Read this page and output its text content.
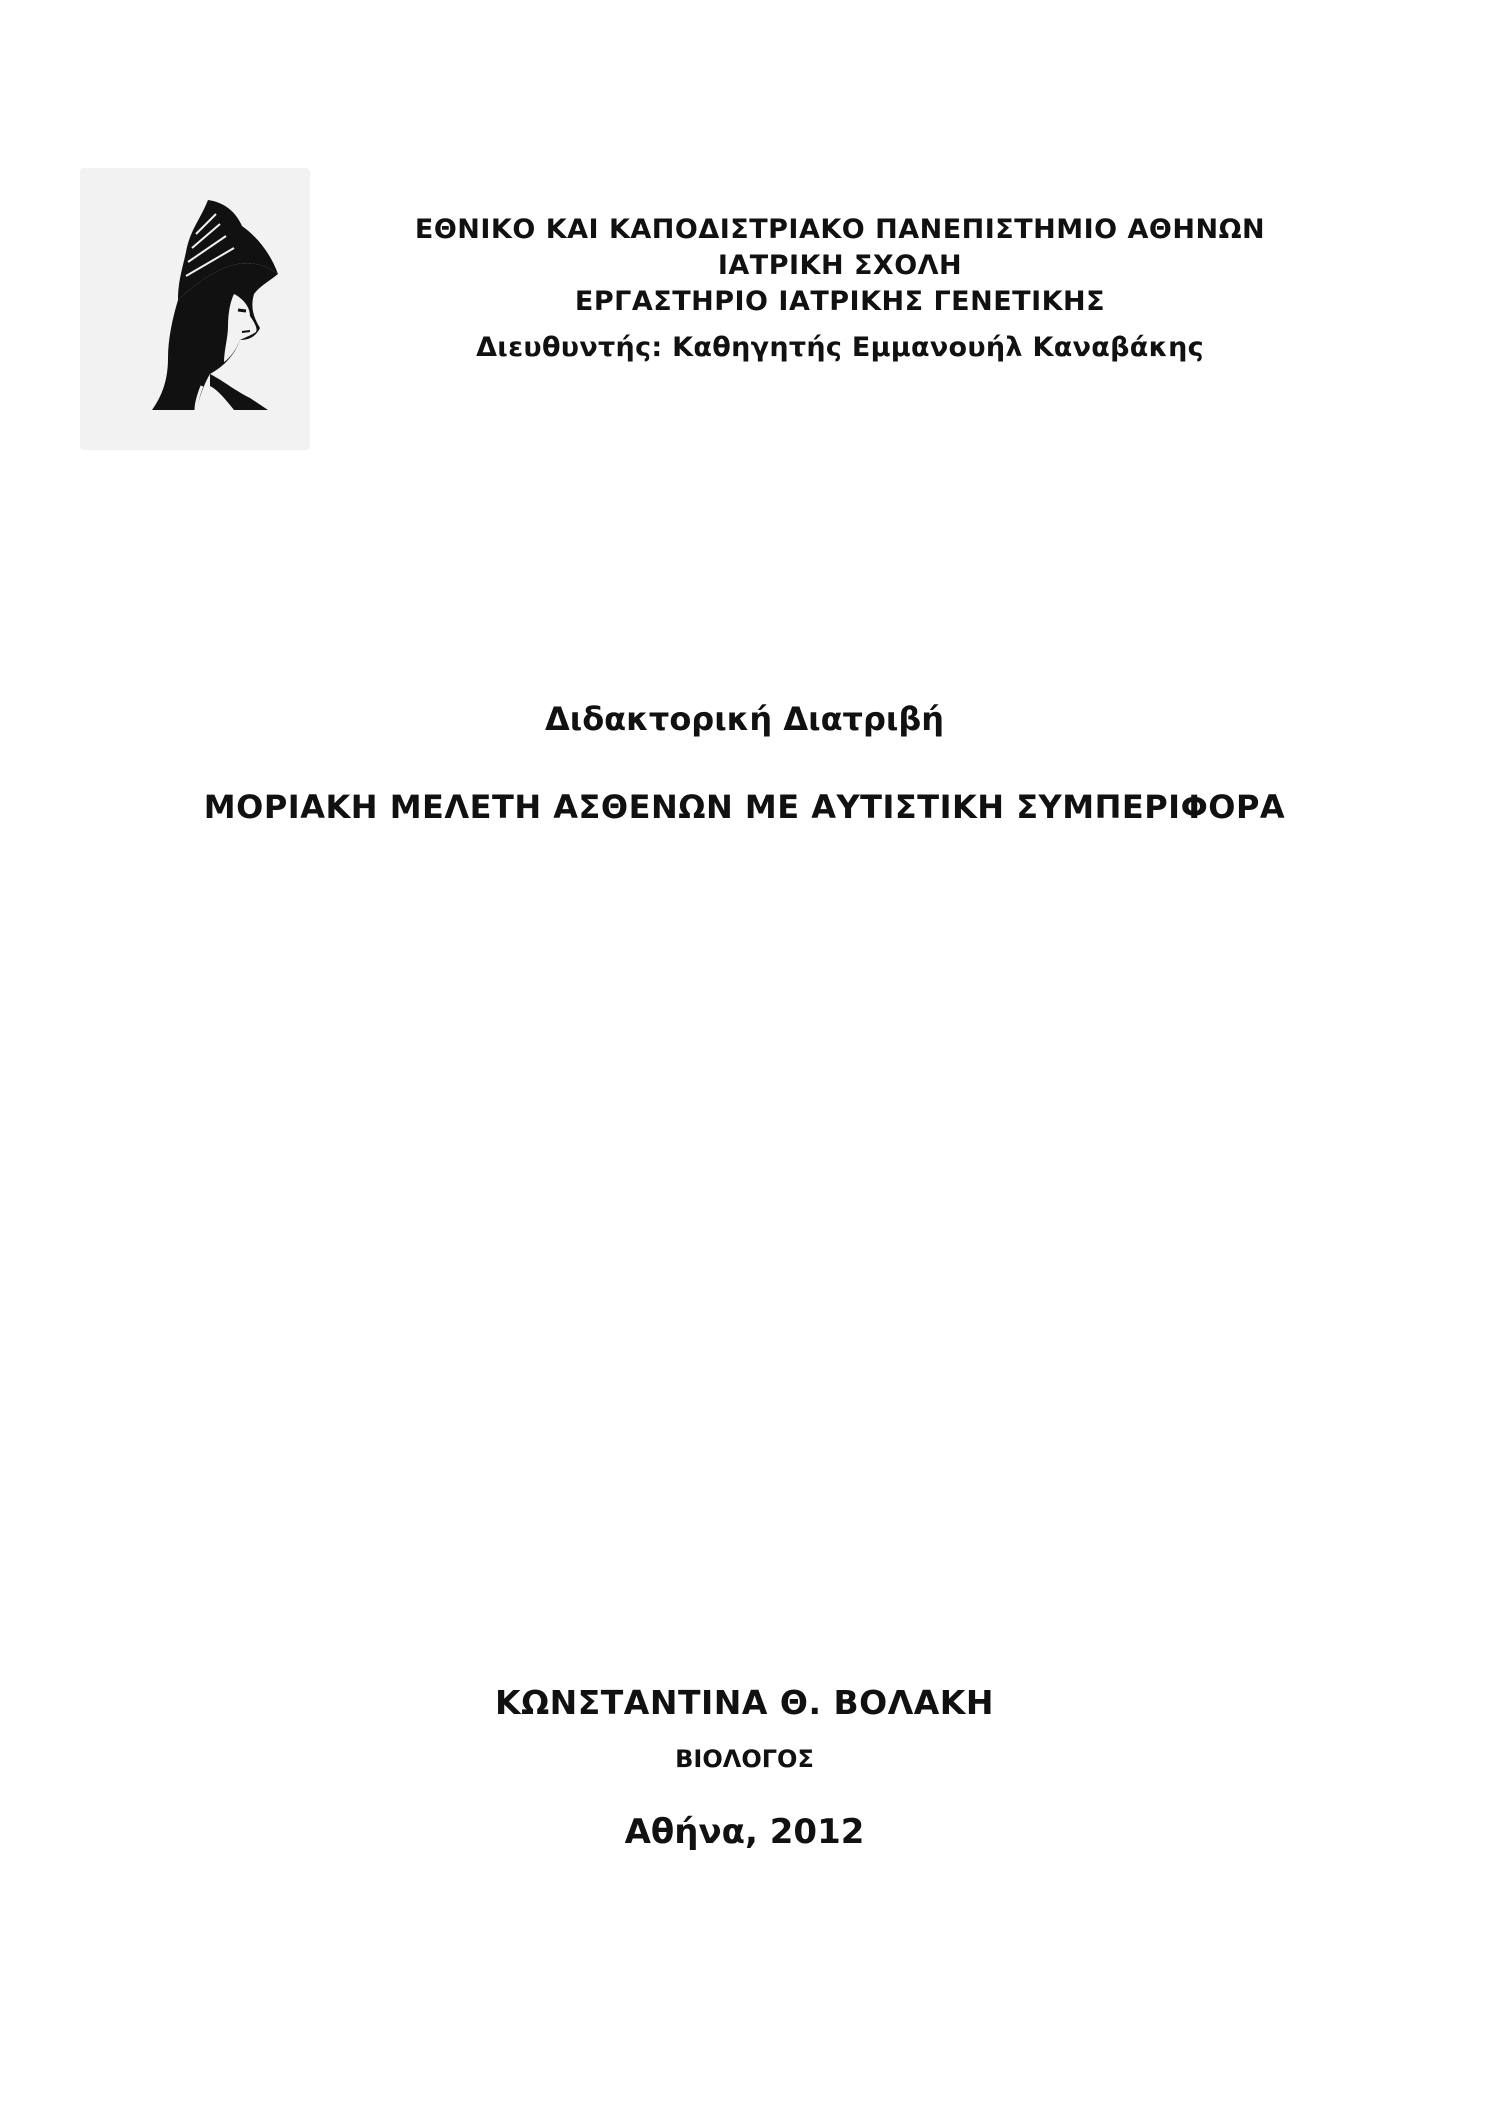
ΕΘΝΙΚΟ ΚΑΙ ΚΑΠΟΔΙΣΤΡΙΑΚΟ ΠΑΝΕΠΙΣΤΗΜΙΟ ΑΘΗΝΩΝ
ΙΑΤΡΙΚΗ ΣΧΟΛΗ
ΕΡΓΑΣΤΗΡΙΟ ΙΑΤΡΙΚΗΣ ΓΕΝΕΤΙΚΗΣ
Διευθυντής: Καθηγητής Εμμανουήλ Καναβάκης
Διδακτορική Διατριβή
ΜΟΡΙΑΚΗ ΜΕΛΕΤΗ ΑΣΘΕΝΩΝ ΜΕ ΑΥΤΙΣΤΙΚΗ ΣΥΜΠΕΡΙΦΟΡΑ
ΚΩΝΣΤΑΝΤΙΝΑ Θ. ΒΟΛΑΚΗ
ΒΙΟΛΟΓΟΣ
Αθήνα, 2012
